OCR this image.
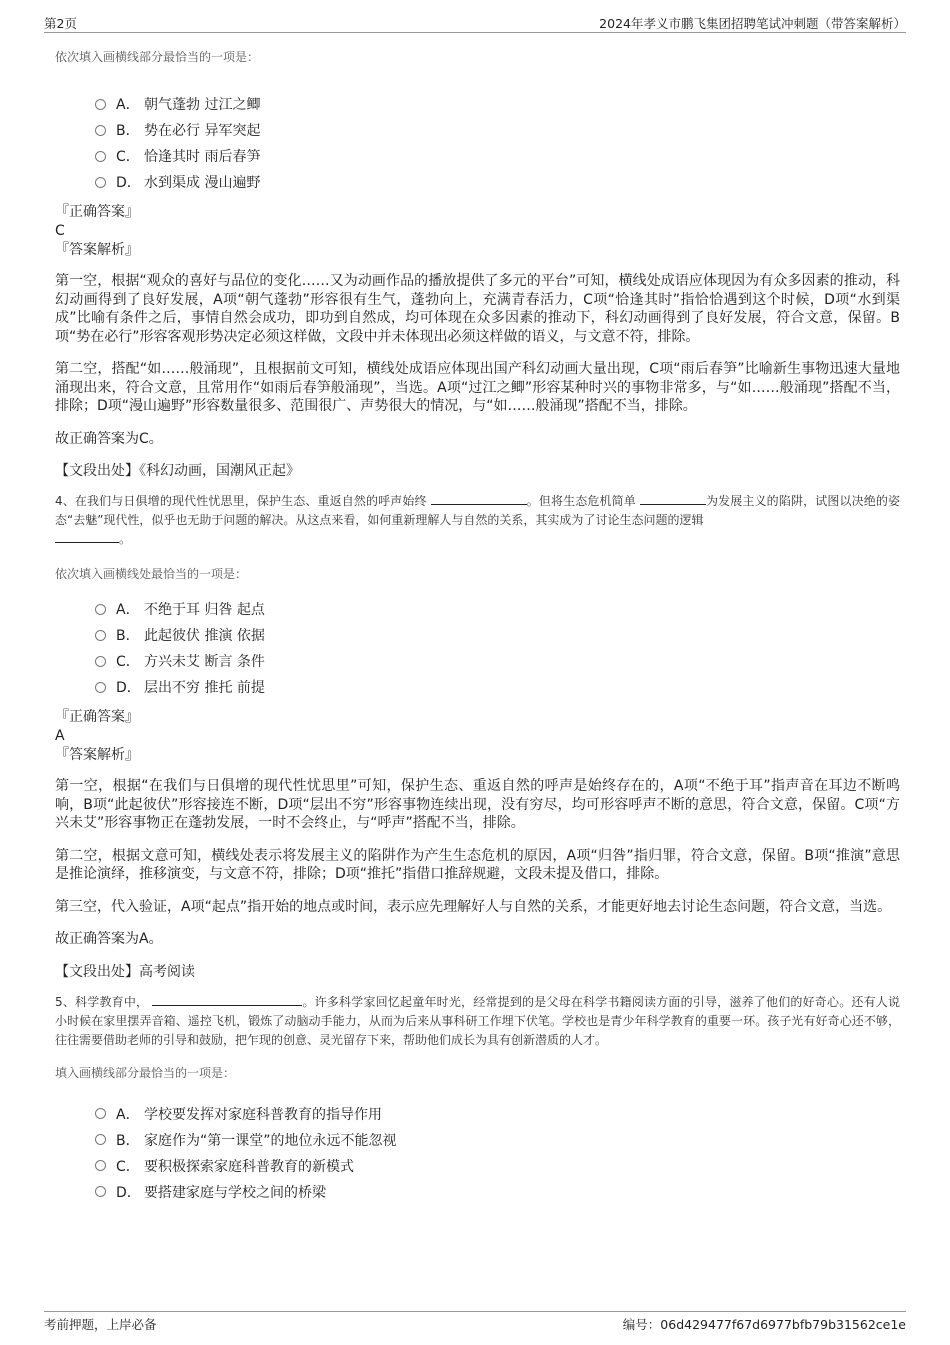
第2页	2024年孝义市鹏飞集团招聘笔试冲刺题（带答案解析）

依次填入画横线部分最恰当的一项是：

A． 朝气蓬勃 过江之鲫
B． 势在必行 异军突起
C． 恰逢其时 雨后春笋
D． 水到渠成 漫山遍野
『正确答案』
C
『答案解析』

第一空，根据“观众的喜好与品位的变化……又为动画作品的播放提供了多元的平台”可知，横线处成语应体现因为有众多因素的推动，科幻动画得到了良好发展，A项“朝气蓬勃”形容很有生气，蓬勃向上，充满青春活力，C项“恰逢其时”指恰恰遇到这个时候，D项“水到渠成”比喻有条件之后，事情自然会成功，即功到自然成，均可体现在众多因素的推动下，科幻动画得到了良好发展，符合文意，保留。B项“势在必行”形容客观形势决定必须这样做，文段中并未体现出必须这样做的语义，与文意不符，排除。

第二空，搭配“如……般涌现”，且根据前文可知，横线处成语应体现出国产科幻动画大量出现，C项“雨后春笋”比喻新生事物迅速大量地涌现出来，符合文意，且常用作“如雨后春笋般涌现”，当选。A项“过江之鲫”形容某种时兴的事物非常多，与“如……般涌现”搭配不当，排除；D项“漫山遍野”形容数量很多、范围很广、声势很大的情况，与“如……般涌现”搭配不当，排除。

故正确答案为C。

【文段出处】《科幻动画，国潮风正起》
4、在我们与日俱增的现代性忧思里，保护生态、重返自然的呼声始终	。但将生态危机简单	为发展主义的陷阱，试图以决绝的姿态“去魅”现代性，似乎也无助于问题的解决。从这点来看，如何重新理解人与自然的关系，其实成为了讨论生态问题的逻辑
。

依次填入画横线处最恰当的一项是：

A． 不绝于耳 归咎 起点
B． 此起彼伏 推演 依据
C． 方兴未艾 断言 条件
D． 层出不穷 推托 前提
『正确答案』
A
『答案解析』

第一空，根据“在我们与日俱增的现代性忧思里”可知，保护生态、重返自然的呼声是始终存在的，A项“不绝于耳”指声音在耳边不断鸣响，B项“此起彼伏”形容接连不断，D项“层出不穷”形容事物连续出现，没有穷尽，均可形容呼声不断的意思，符合文意，保留。C项“方兴未艾”形容事物正在蓬勃发展，一时不会终止，与“呼声”搭配不当，排除。

第二空，根据文意可知，横线处表示将发展主义的陷阱作为产生生态危机的原因，A项“归咎”指归罪，符合文意，保留。B项“推演”意思是推论演绎，推移演变，与文意不符，排除；D项“推托”指借口推辞规避，文段未提及借口，排除。

第三空，代入验证，A项“起点”指开始的地点或时间，表示应先理解好人与自然的关系，才能更好地去讨论生态问题，符合文意，当选。

故正确答案为A。

【文段出处】高考阅读
5、科学教育中，	。许多科学家回忆起童年时光，经常提到的是父母在科学书籍阅读方面的引导，滋养了他们的好奇心。还有人说小时候在家里摆弄音箱、遥控飞机，锻炼了动脑动手能力，从而为后来从事科研工作埋下伏笔。学校也是青少年科学教育的重要一环。孩子光有好奇心还不够，往往需要借助老师的引导和鼓励，把乍现的创意、灵光留存下来，帮助他们成长为具有创新潜质的人才。

填入画横线部分最恰当的一项是：

A． 学校要发挥对家庭科普教育的指导作用
B． 家庭作为“第一课堂”的地位永远不能忽视
C． 要积极探索家庭科普教育的新模式
D． 要搭建家庭与学校之间的桥梁
考前押题，上岸必备	编号：06d429477f67d6977bfb79b31562ce1e
